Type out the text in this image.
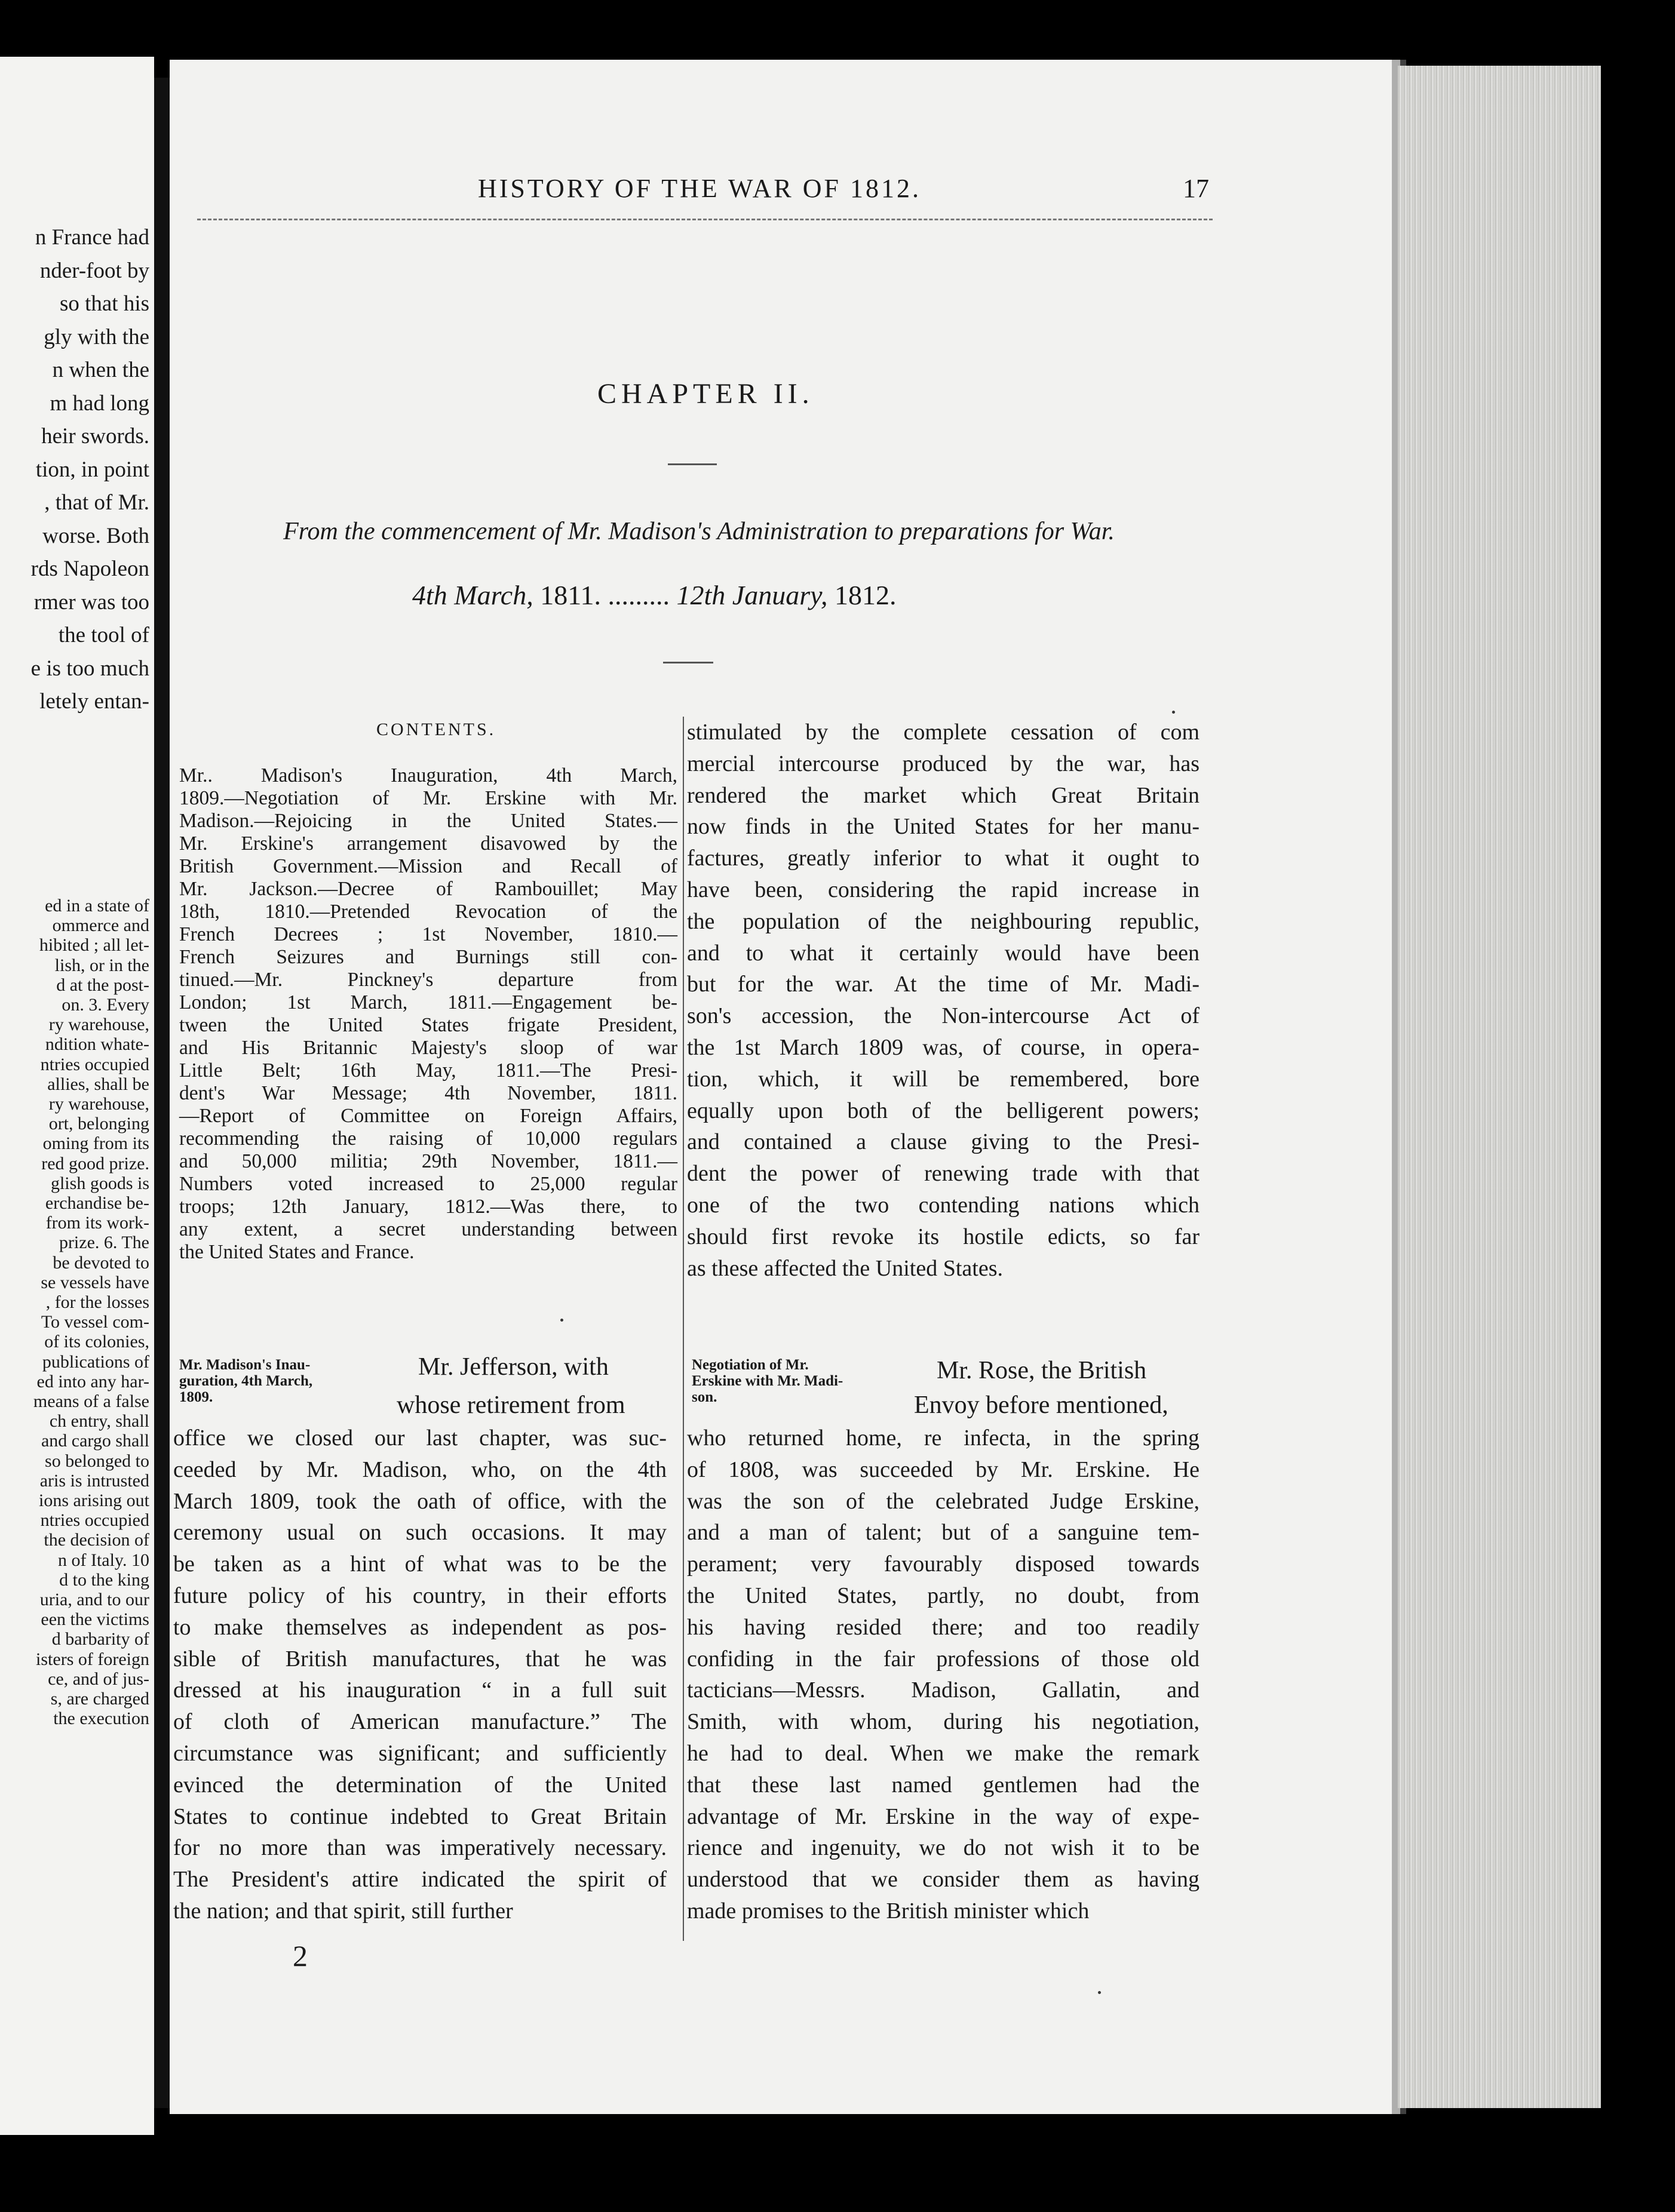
n France had
nder-foot by
so that his
gly with the
n when the
m had long
heir swords.
tion, in point
, that of Mr.
worse. Both
rds Napoleon
rmer was too
the tool of
e is too much
letely entan-
ed in a state of
ommerce and
hibited ; all let-
lish, or in the
d at the post-
on. 3. Every
ry warehouse,
ndition whate-
ntries occupied
allies, shall be
ry warehouse,
ort, belonging
oming from its
red good prize.
glish goods is
erchandise be-
from its work-
prize. 6. The
be devoted to
se vessels have
, for the losses
To vessel com-
of its colonies,
publications of
ed into any har-
means of a false
ch entry, shall
and cargo shall
so belonged to
aris is intrusted
ions arising out
ntries occupied
the decision of
n of Italy. 10
d to the king
uria, and to our
een the victims
d barbarity of
isters of foreign
ce, and of jus-
s, are charged
the execution
HISTORY OF THE WAR OF 1812.	17
CHAPTER II.
From the commencement of Mr. Madison's Administration to preparations for War.
4th March, 1811. ......... 12th January, 1812.
CONTENTS.
Mr.. Madison's Inauguration, 4th March,
1809.—Negotiation of Mr. Erskine with Mr.
Madison.—Rejoicing in the United States.—
Mr. Erskine's arrangement disavowed by the
British Government.—Mission and Recall of
Mr. Jackson.—Decree of Rambouillet; May
18th, 1810.—Pretended Revocation of the
French Decrees ; 1st November, 1810.—
French Seizures and Burnings still con-
tinued.—Mr. Pinckney's departure from
London; 1st March, 1811.—Engagement be-
tween the United States frigate President,
and His Britannic Majesty's sloop of war
Little Belt; 16th May, 1811.—The Presi-
dent's War Message; 4th November, 1811.
—Report of Committee on Foreign Affairs,
recommending the raising of 10,000 regulars
and 50,000 militia; 29th November, 1811.—
Numbers voted increased to 25,000 regular
troops; 12th January, 1812.—Was there, to
any extent, a secret understanding between
the United States and France.
stimulated by the complete cessation of com
mercial intercourse produced by the war, has
rendered the market which Great Britain
now finds in the United States for her manu-
factures, greatly inferior to what it ought to
have been, considering the rapid increase in
the population of the neighbouring republic,
and to what it certainly would have been
but for the war. At the time of Mr. Madi-
son's accession, the Non-intercourse Act of
the 1st March 1809 was, of course, in opera-
tion, which, it will be remembered, bore
equally upon both of the belligerent powers;
and contained a clause giving to the Presi-
dent the power of renewing trade with that
one of the two contending nations which
should first revoke its hostile edicts, so far
as these affected the United States.
Mr. Madison's Inau-
guration, 4th March,
1809.
Mr. Jefferson, with
whose retirement from
office we closed our last chapter, was suc-
ceeded by Mr. Madison, who, on the 4th
March 1809, took the oath of office, with the
ceremony usual on such occasions. It may
be taken as a hint of what was to be the
future policy of his country, in their efforts
to make themselves as independent as pos-
sible of British manufactures, that he was
dressed at his inauguration “ in a full suit
of cloth of American manufacture.” The
circumstance was significant; and sufficiently
evinced the determination of the United
States to continue indebted to Great Britain
for no more than was imperatively necessary.
The President's attire indicated the spirit of
the nation; and that spirit, still further
Negotiation of Mr.
Erskine with Mr. Madi-
son.
Mr. Rose, the British
Envoy before mentioned,
who returned home, re infecta, in the spring
of 1808, was succeeded by Mr. Erskine. He
was the son of the celebrated Judge Erskine,
and a man of talent; but of a sanguine tem-
perament; very favourably disposed towards
the United States, partly, no doubt, from
his having resided there; and too readily
confiding in the fair professions of those old
tacticians—Messrs. Madison, Gallatin, and
Smith, with whom, during his negotiation,
he had to deal. When we make the remark
that these last named gentlemen had the
advantage of Mr. Erskine in the way of expe-
rience and ingenuity, we do not wish it to be
understood that we consider them as having
made promises to the British minister which
2
